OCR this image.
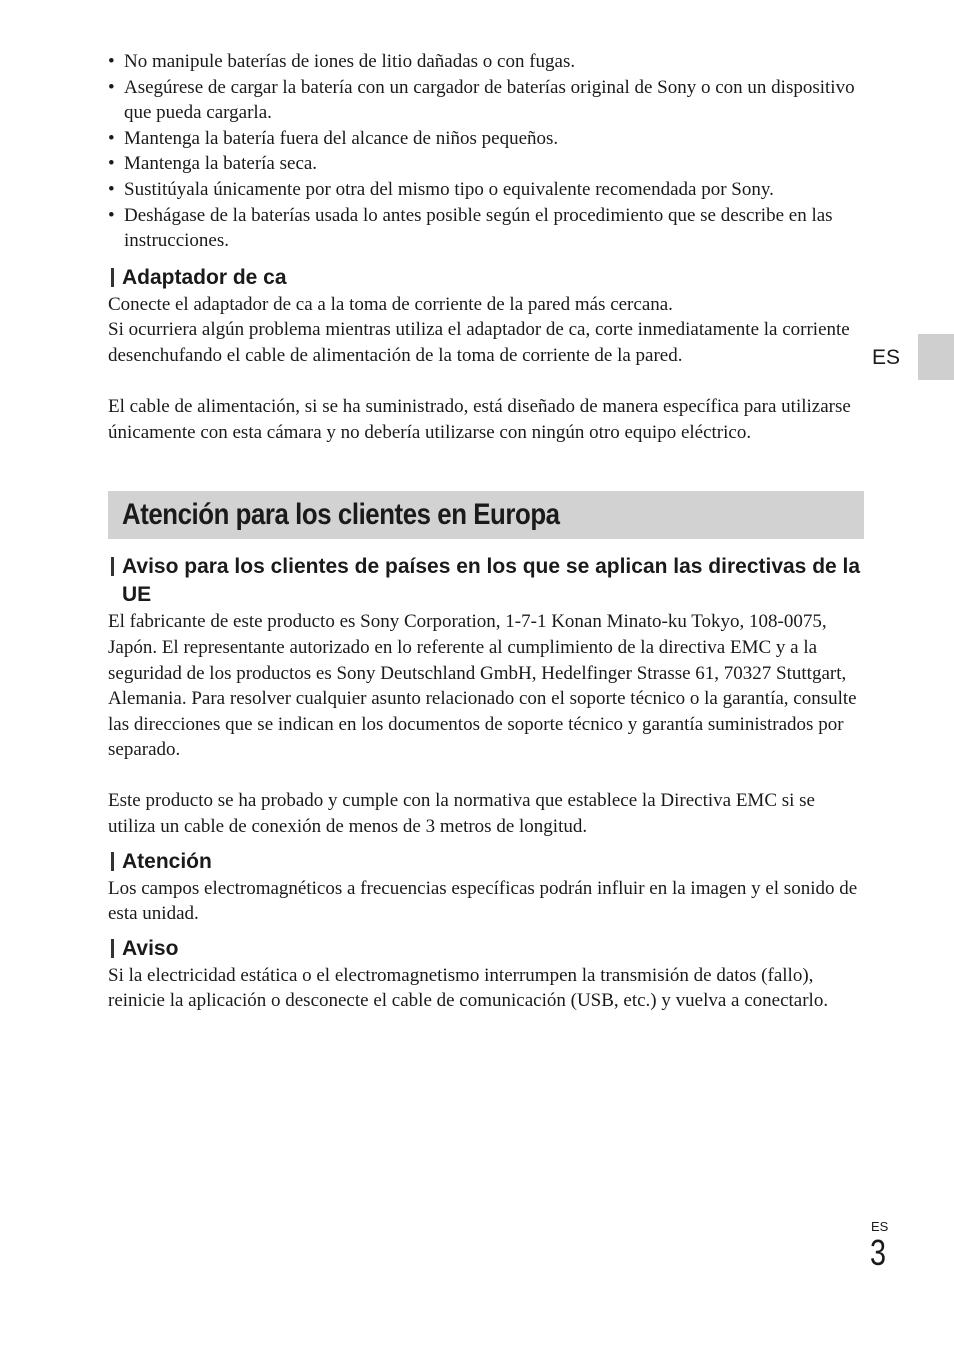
ES
• No manipule baterías de iones de litio dañadas o con fugas.
• Asegúrese de cargar la batería con un cargador de baterías original de Sony o con un dispositivo que pueda cargarla.
• Mantenga la batería fuera del alcance de niños pequeños.
• Mantenga la batería seca.
• Sustitúyala únicamente por otra del mismo tipo o equivalente recomendada por Sony.
• Deshágase de la baterías usada lo antes posible según el procedimiento que se describe en las instrucciones.
Adaptador de ca

Conecte el adaptador de ca a la toma de corriente de la pared más cercana.

Si ocurriera algún problema mientras utiliza el adaptador de ca, corte inmediatamente la corriente desenchufando el cable de alimentación de la toma de corriente de la pared.

El cable de alimentación, si se ha suministrado, está diseñado de manera específica para utilizarse únicamente con esta cámara y no debería utilizarse con ningún otro equipo eléctrico.

Atención para los clientes en Europa
Aviso para los clientes de países en los que se aplican las directivas de la UE

El fabricante de este producto es Sony Corporation, 1-7-1 Konan Minato-ku Tokyo, 108-0075, Japón. El representante autorizado en lo referente al cumplimiento de la directiva EMC y a la seguridad de los productos es Sony Deutschland GmbH, Hedelfinger Strasse 61, 70327 Stuttgart, Alemania. Para resolver cualquier asunto relacionado con el soporte técnico o la garantía, consulte las direcciones que se indican en los documentos de soporte técnico y garantía suministrados por separado.

Este producto se ha probado y cumple con la normativa que establece la Directiva EMC si se utiliza un cable de conexión de menos de 3 metros de longitud.

Atención

Los campos electromagnéticos a frecuencias específicas podrán influir en la imagen y el sonido de esta unidad.

Aviso

Si la electricidad estática o el electromagnetismo interrumpen la transmisión de datos (fallo), reinicie la aplicación o desconecte el cable de comunicación (USB, etc.) y vuelva a conectarlo.

ES
3
